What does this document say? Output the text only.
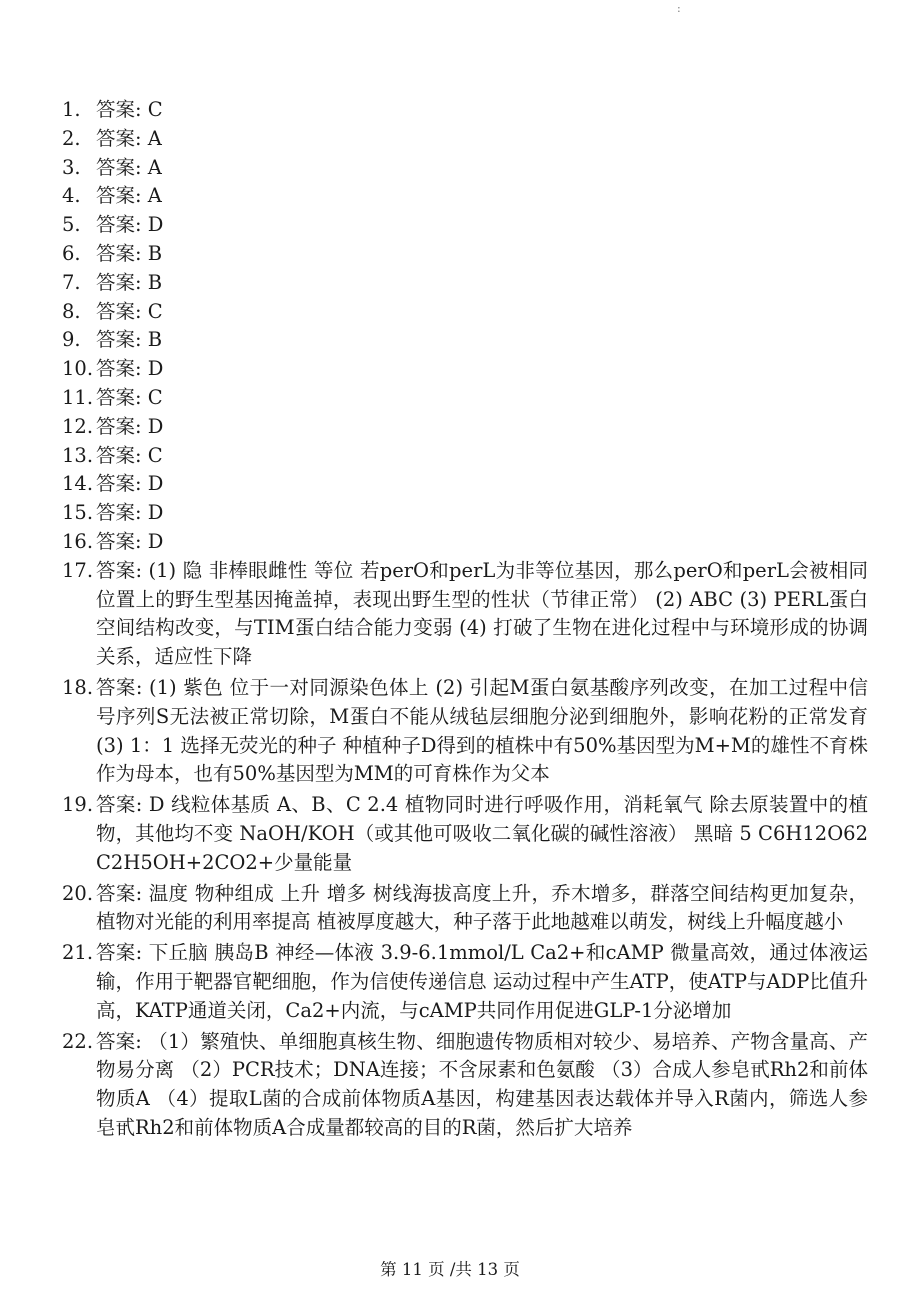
:
1. 答案: C
2. 答案: A
3. 答案: A
4. 答案: A
5. 答案: D
6. 答案: B
7. 答案: B
8. 答案: C
9. 答案: B
10. 答案: D
11. 答案: C
12. 答案: D
13. 答案: C
14. 答案: D
15. 答案: D
16. 答案: D
17. 答案: (1) 隐 非棒眼雌性 等位 若perO和perL为非等位基因，那么perO和perL会被相同位置上的野生型基因掩盖掉，表现出野生型的性状（节律正常） (2) ABC (3) PERL蛋白空间结构改变，与TIM蛋白结合能力变弱 (4) 打破了生物在进化过程中与环境形成的协调关系，适应性下降
18. 答案: (1) 紫色 位于一对同源染色体上 (2) 引起M蛋白氨基酸序列改变，在加工过程中信号序列S无法被正常切除，M蛋白不能从绒毡层细胞分泌到细胞外，影响花粉的正常发育 (3) 1：1 选择无荧光的种子 种植种子D得到的植株中有50%基因型为M+M的雄性不育株作为母本，也有50%基因型为MM的可育株作为父本
19. 答案: D 线粒体基质 A、B、C 2.4 植物同时进行呼吸作用，消耗氧气 除去原装置中的植物，其他均不变 NaOH/KOH（或其他可吸收二氧化碳的碱性溶液） 黑暗 5 C6H12O62C2H5OH+2CO2+少量能量
20. 答案: 温度 物种组成 上升 增多 树线海拔高度上升，乔木增多，群落空间结构更加复杂，植物对光能的利用率提高 植被厚度越大，种子落于此地越难以萌发，树线上升幅度越小
21. 答案: 下丘脑 胰岛B 神经—体液 3.9-6.1mmol/L Ca2+和cAMP 微量高效，通过体液运输，作用于靶器官靶细胞，作为信使传递信息 运动过程中产生ATP，使ATP与ADP比值升高，KATP通道关闭，Ca2+内流，与cAMP共同作用促进GLP-1分泌增加
22. 答案: （1）繁殖快、单细胞真核生物、细胞遗传物质相对较少、易培养、产物含量高、产物易分离 （2）PCR技术；DNA连接；不含尿素和色氨酸 （3）合成人参皂甙Rh2和前体物质A （4）提取L菌的合成前体物质A基因，构建基因表达载体并导入R菌内，筛选人参皂甙Rh2和前体物质A合成量都较高的目的R菌，然后扩大培养
第 11 页 /共 13 页
